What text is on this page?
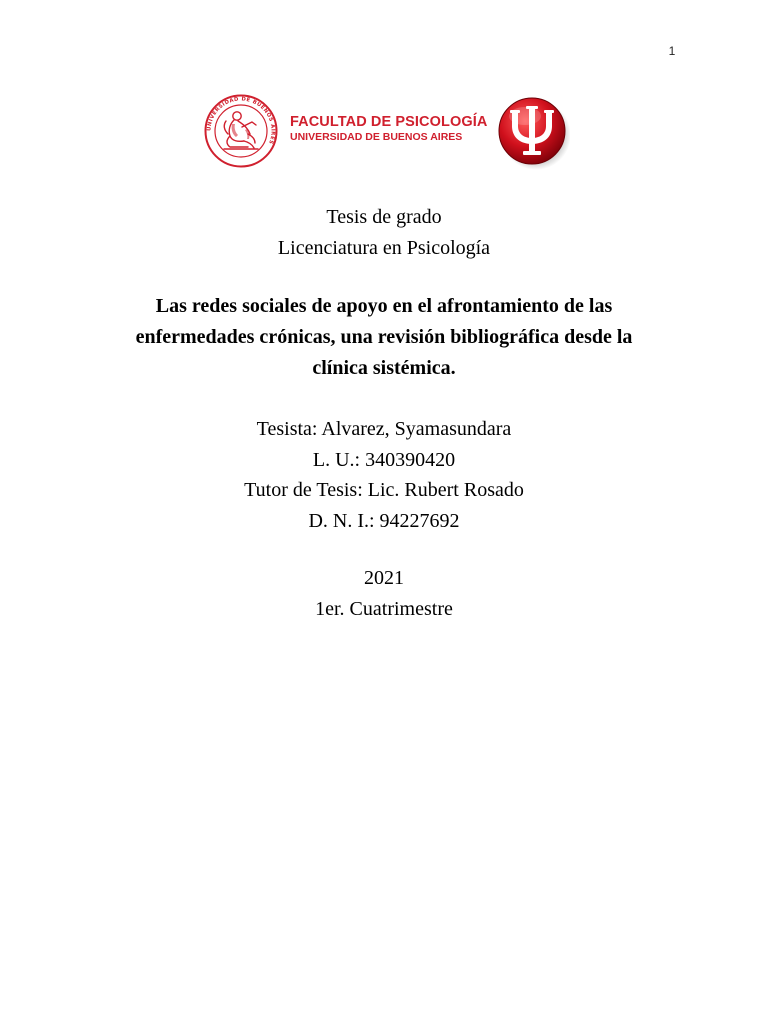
1
UNIVERSIDAD DE BUENOS AIRES
FACULTAD DE PSICOLOGÍA
UNIVERSIDAD DE BUENOS AIRES
Tesis de grado
Licenciatura en Psicología
Las redes sociales de apoyo en el afrontamiento de las
enfermedades crónicas, una revisión bibliográfica desde la
clínica sistémica.
Tesista: Alvarez, Syamasundara
L. U.: 340390420
Tutor de Tesis: Lic. Rubert Rosado
D. N. I.: 94227692
2021
1er. Cuatrimestre
